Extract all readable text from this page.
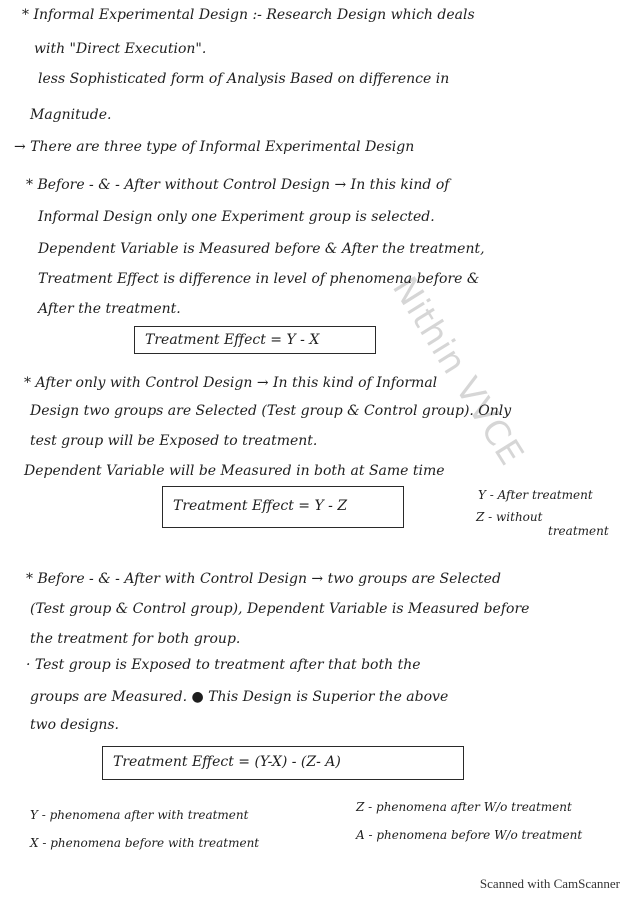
Nithin VVCE
* Informal Experimental Design :- Research Design which deals
with "Direct Execution".
less Sophisticated form of Analysis Based on difference in
Magnitude.
→ There are three type of Informal Experimental Design
* Before - & - After without Control Design → In this kind of
Informal Design only one Experiment group is selected.
Dependent Variable is Measured before & After the treatment,
Treatment Effect is difference in level of phenomena before &
After the treatment.
Treatment Effect = Y - X
* After only with Control Design → In this kind of Informal
Design two groups are Selected (Test group & Control group). Only
test group will be Exposed to treatment.
Dependent Variable will be Measured in both at Same time
Treatment Effect = Y - Z
Y - After treatment
Z - without
treatment
* Before - & - After with Control Design → two groups are Selected
(Test group & Control group), Dependent Variable is Measured before
the treatment for both group.
· Test group is Exposed to treatment after that both the
groups are Measured. ● This Design is Superior the above
two designs.
Treatment Effect = (Y-X) - (Z- A)
Y - phenomena after with treatment
X - phenomena before with treatment
Z - phenomena after W/o treatment
A - phenomena before W/o treatment
Scanned with CamScanner
